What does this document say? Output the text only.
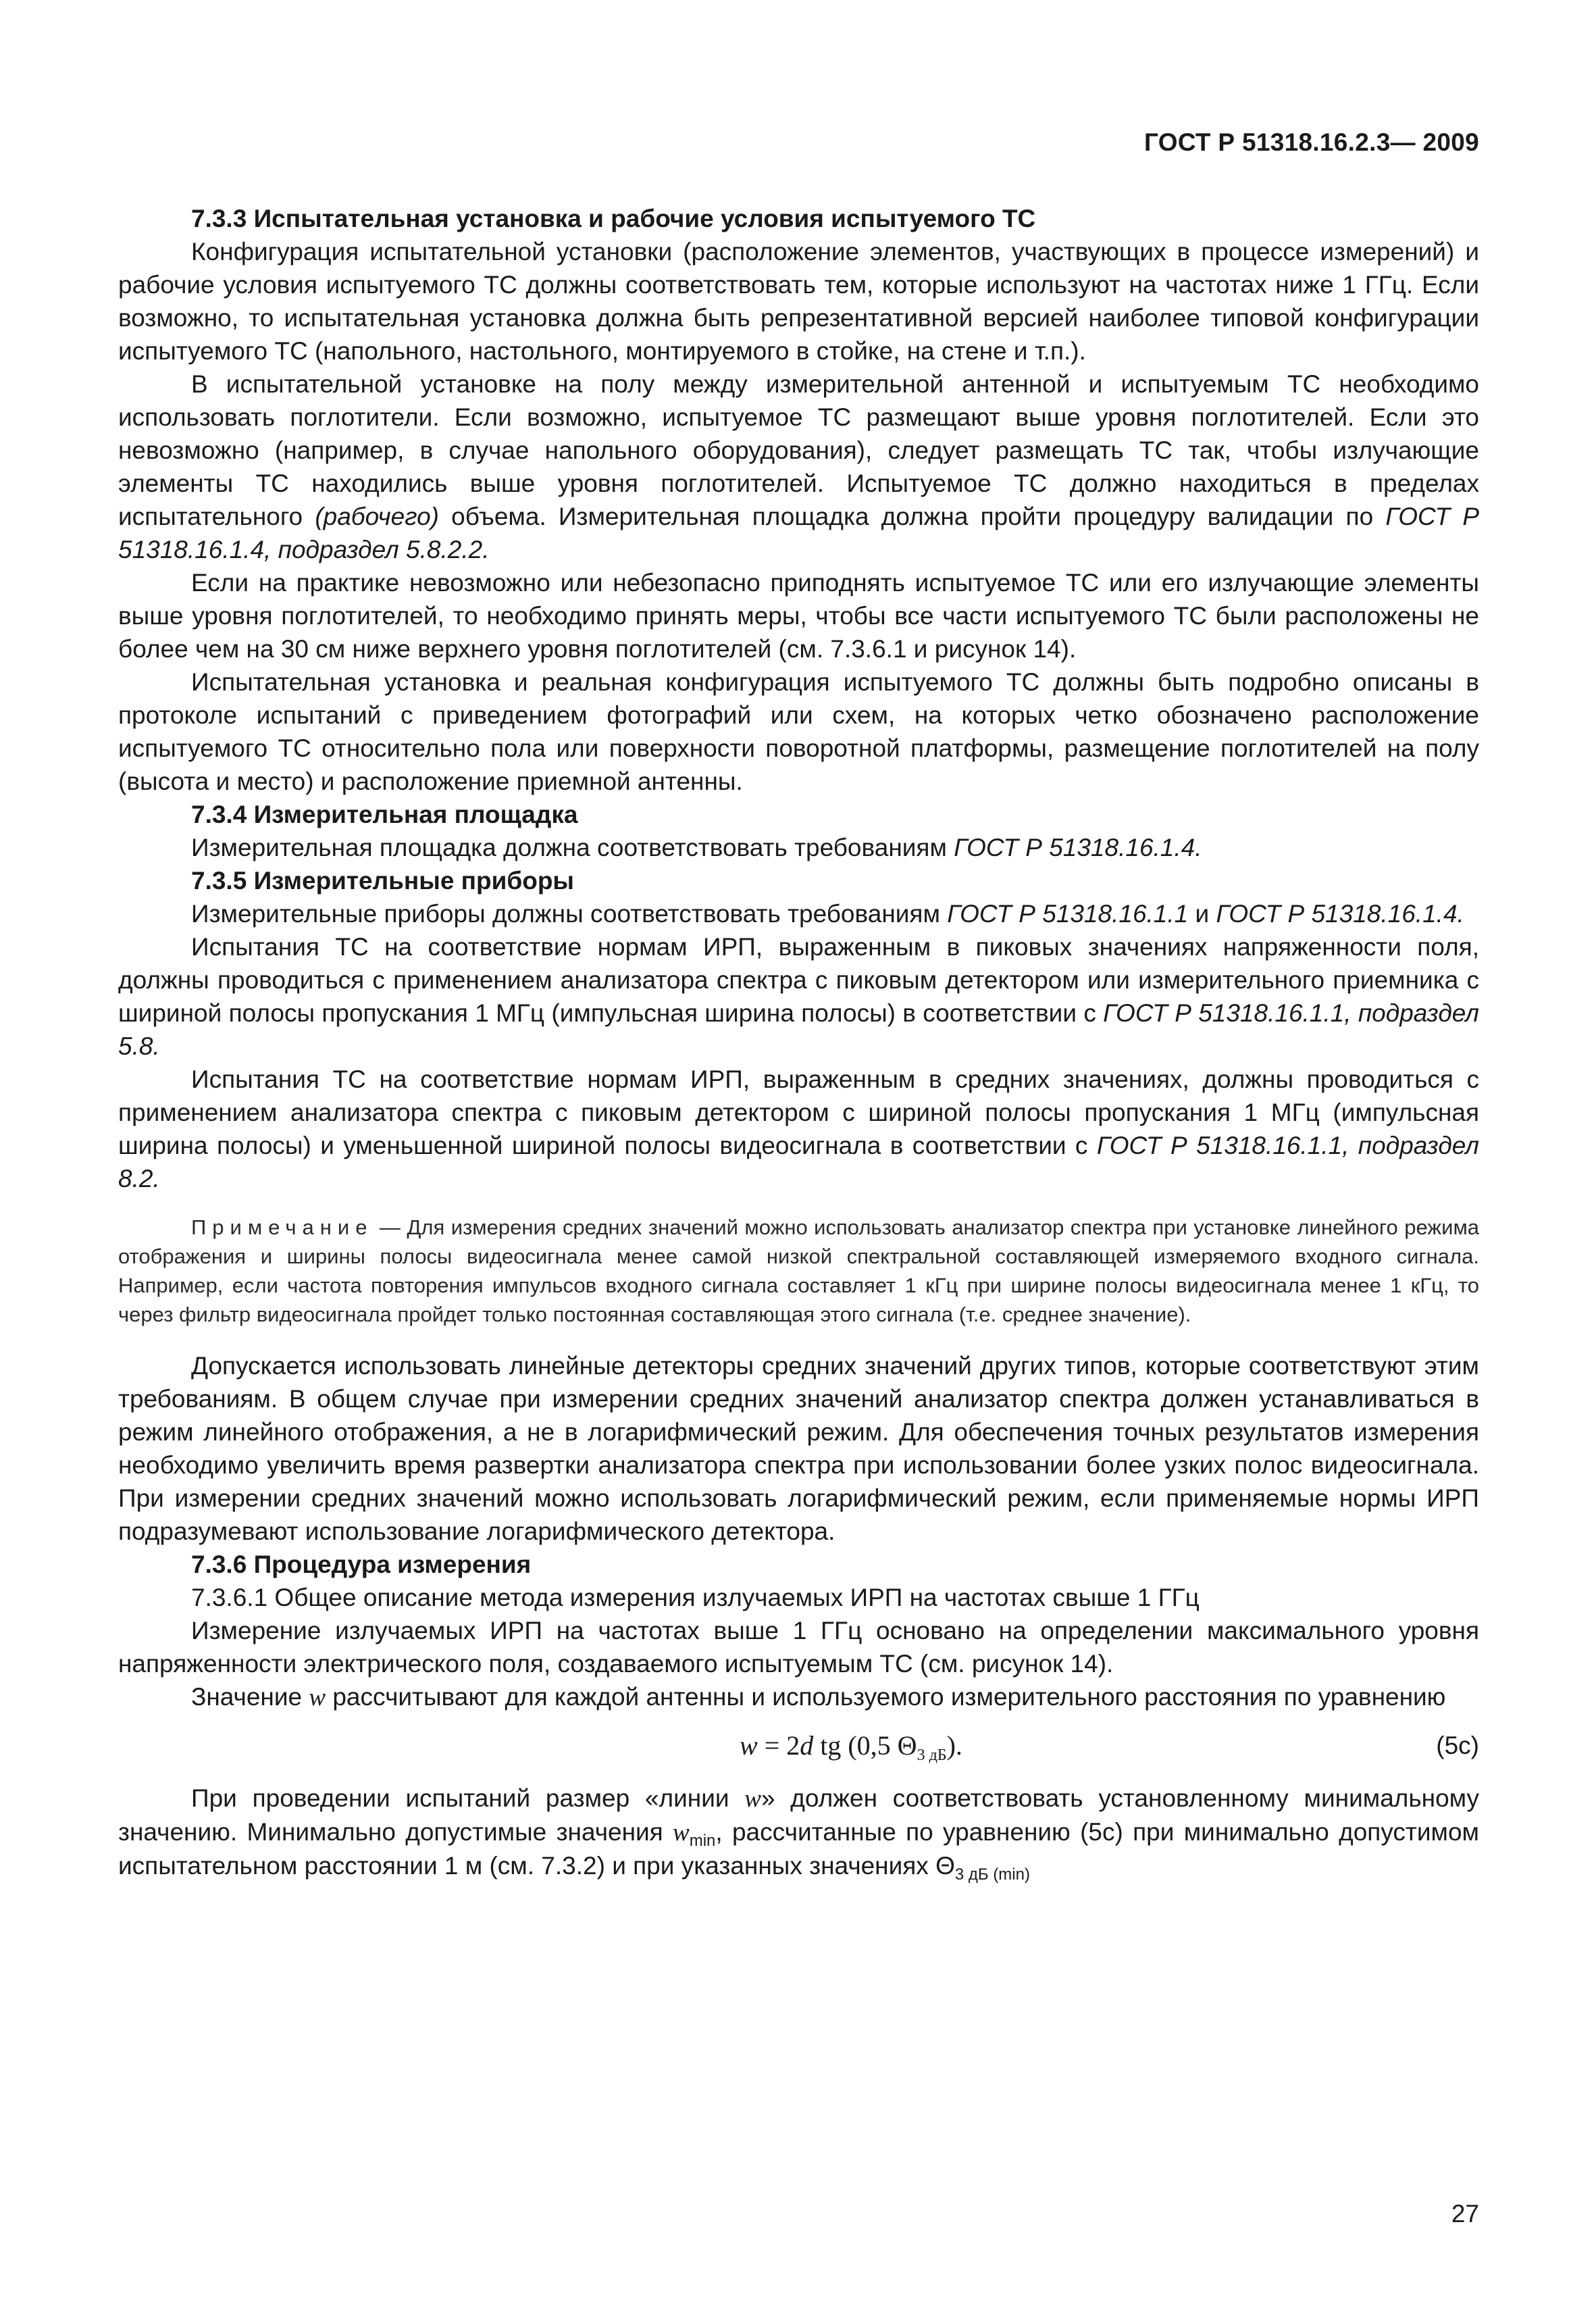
ГОСТ Р 51318.16.2.3— 2009

7.3.3 Испытательная установка и рабочие условия испытуемого ТС

Конфигурация испытательной установки (расположение элементов, участвующих в процессе измерений) и рабочие условия испытуемого ТС должны соответствовать тем, которые используют на частотах ниже 1 ГГц. Если возможно, то испытательная установка должна быть репрезентативной версией наиболее типовой конфигурации испытуемого ТС (напольного, настольного, монтируемого в стойке, на стене и т.п.).

В испытательной установке на полу между измерительной антенной и испытуемым ТС необходимо использовать поглотители. Если возможно, испытуемое ТС размещают выше уровня поглотителей. Если это невозможно (например, в случае напольного оборудования), следует размещать ТС так, чтобы излучающие элементы ТС находились выше уровня поглотителей. Испытуемое ТС должно находиться в пределах испытательного (рабочего) объема. Измерительная площадка должна пройти процедуру валидации по ГОСТ Р 51318.16.1.4, подраздел 5.8.2.2.

Если на практике невозможно или небезопасно приподнять испытуемое ТС или его излучающие элементы выше уровня поглотителей, то необходимо принять меры, чтобы все части испытуемого ТС были расположены не более чем на 30 см ниже верхнего уровня поглотителей (см. 7.3.6.1 и рисунок 14).

Испытательная установка и реальная конфигурация испытуемого ТС должны быть подробно описаны в протоколе испытаний с приведением фотографий или схем, на которых четко обозначено расположение испытуемого ТС относительно пола или поверхности поворотной платформы, размещение поглотителей на полу (высота и место) и расположение приемной антенны.

7.3.4 Измерительная площадка

Измерительная площадка должна соответствовать требованиям ГОСТ Р 51318.16.1.4.

7.3.5 Измерительные приборы

Измерительные приборы должны соответствовать требованиям ГОСТ Р 51318.16.1.1 и ГОСТ Р 51318.16.1.4.

Испытания ТС на соответствие нормам ИРП, выраженным в пиковых значениях напряженности поля, должны проводиться с применением анализатора спектра с пиковым детектором или измерительного приемника с шириной полосы пропускания 1 МГц (импульсная ширина полосы) в соответствии с ГОСТ Р 51318.16.1.1, подраздел 5.8.

Испытания ТС на соответствие нормам ИРП, выраженным в средних значениях, должны проводиться с применением анализатора спектра с пиковым детектором с шириной полосы пропускания 1 МГц (импульсная ширина полосы) и уменьшенной шириной полосы видеосигнала в соответствии с ГОСТ Р 51318.16.1.1, подраздел 8.2.

Примечание — Для измерения средних значений можно использовать анализатор спектра при установке линейного режима отображения и ширины полосы видеосигнала менее самой низкой спектральной составляющей измеряемого входного сигнала. Например, если частота повторения импульсов входного сигнала составляет 1 кГц при ширине полосы видеосигнала менее 1 кГц, то через фильтр видеосигнала пройдет только постоянная составляющая этого сигнала (т.е. среднее значение).

Допускается использовать линейные детекторы средних значений других типов, которые соответствуют этим требованиям. В общем случае при измерении средних значений анализатор спектра должен устанавливаться в режим линейного отображения, а не в логарифмический режим. Для обеспечения точных результатов измерения необходимо увеличить время развертки анализатора спектра при использовании более узких полос видеосигнала. При измерении средних значений можно использовать логарифмический режим, если применяемые нормы ИРП подразумевают использование логарифмического детектора.

7.3.6 Процедура измерения

7.3.6.1 Общее описание метода измерения излучаемых ИРП на частотах свыше 1 ГГц

Измерение излучаемых ИРП на частотах выше 1 ГГц основано на определении максимального уровня напряженности электрического поля, создаваемого испытуемым ТС (см. рисунок 14).

Значение w рассчитывают для каждой антенны и используемого измерительного расстояния по уравнению

w = 2d tg (0,5 $\Theta_{3 дБ}$).	(5c)

При проведении испытаний размер «линии w» должен соответствовать установленному минимальному значению. Минимально допустимые значения $w_{min}$, рассчитанные по уравнению (5c) при минимально допустимом испытательном расстоянии 1 м (см. 7.3.2) и при указанных значениях $\Theta_{3 дБ (min)}$

27
